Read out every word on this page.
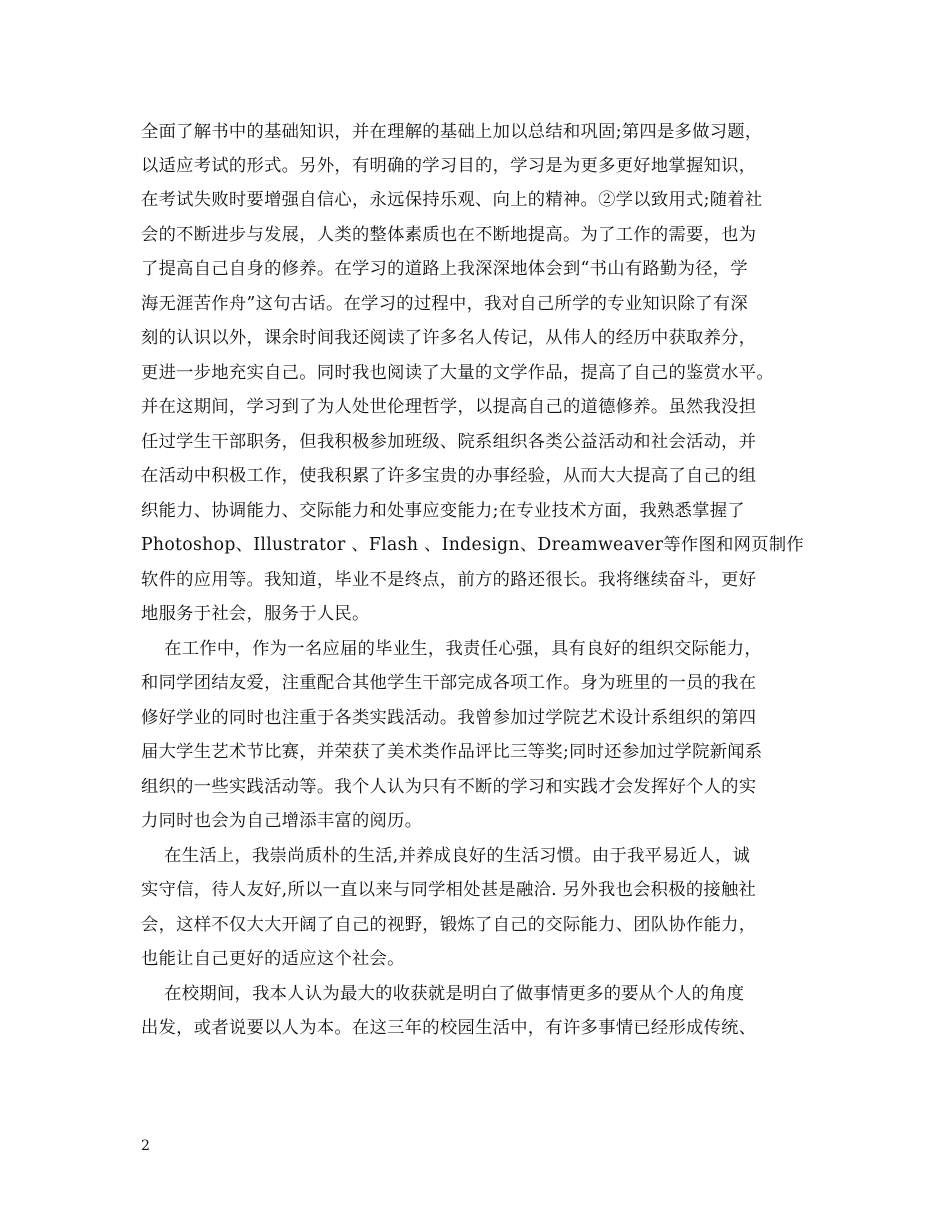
全面了解书中的基础知识，并在理解的基础上加以总结和巩固;第四是多做习题，
以适应考试的形式。另外，有明确的学习目的，学习是为更多更好地掌握知识，
在考试失败时要增强自信心，永远保持乐观、向上的精神。②学以致用式;随着社
会的不断进步与发展，人类的整体素质也在不断地提高。为了工作的需要，也为
了提高自己自身的修养。在学习的道路上我深深地体会到“书山有路勤为径，学
海无涯苦作舟”这句古话。在学习的过程中，我对自己所学的专业知识除了有深
刻的认识以外，课余时间我还阅读了许多名人传记，从伟人的经历中获取养分，
更进一步地充实自己。同时我也阅读了大量的文学作品，提高了自己的鉴赏水平。
并在这期间，学习到了为人处世伦理哲学，以提高自己的道德修养。虽然我没担
任过学生干部职务，但我积极参加班级、院系组织各类公益活动和社会活动，并
在活动中积极工作，使我积累了许多宝贵的办事经验，从而大大提高了自己的组
织能力、协调能力、交际能力和处事应变能力;在专业技术方面，我熟悉掌握了
Photoshop、Illustrator 、Flash 、Indesign、Dreamweaver等作图和网页制作
软件的应用等。我知道，毕业不是终点，前方的路还很长。我将继续奋斗，更好
地服务于社会，服务于人民。
在工作中，作为一名应届的毕业生，我责任心强，具有良好的组织交际能力，
和同学团结友爱，注重配合其他学生干部完成各项工作。身为班里的一员的我在
修好学业的同时也注重于各类实践活动。我曾参加过学院艺术设计系组织的第四
届大学生艺术节比赛，并荣获了美术类作品评比三等奖;同时还参加过学院新闻系
组织的一些实践活动等。我个人认为只有不断的学习和实践才会发挥好个人的实
力同时也会为自己增添丰富的阅历。
在生活上，我崇尚质朴的生活,并养成良好的生活习惯。由于我平易近人，诚
实守信，待人友好,所以一直以来与同学相处甚是融洽. 另外我也会积极的接触社
会，这样不仅大大开阔了自己的视野，锻炼了自己的交际能力、团队协作能力，
也能让自己更好的适应这个社会。
在校期间，我本人认为最大的收获就是明白了做事情更多的要从个人的角度
出发，或者说要以人为本。在这三年的校园生活中，有许多事情已经形成传统、
2
